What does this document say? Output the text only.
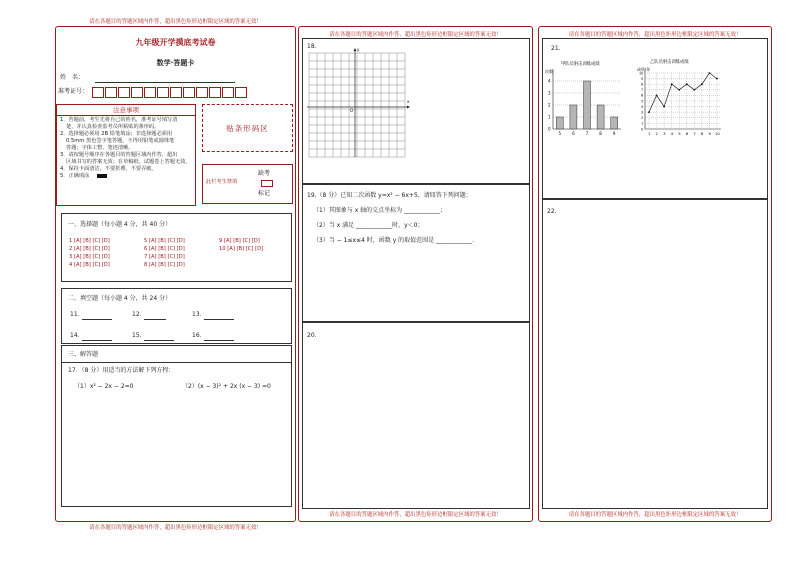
请在各题目的答题区域内作答，超出黑色矩形边框限定区域的答案无效！
请在各题目的答题区域内作答，超出黑色矩形边框限定区域的答案无效！
九年级开学摸底考试卷
数学·答题卡
姓　名：
准考证号：
注意事项
1．答题前，考生先将自己的姓名，准考证号填写清
楚，并认真检查监考员所粘贴的条形码。
2．选择题必须用 2B 铅笔填涂；非选择题必须用
0.5mm 黑色签字笔答题，不得用铅笔或圆珠笔
答题；字体工整、笔迹清晰。
3．请按题号顺序在各题目的答题区域内作答，超出
区域书写的答案无效；在草稿纸、试题卷上答题无效。
4．保持卡面清洁，不要折叠、不要弄破。
5．正确填涂
贴条形码区
此栏考生禁填
缺考
标记
一、选择题（每小题 4 分，共 40 分）
1 [A] [B] [C] [D]	5 [A] [B] [C] [D]	9 [A] [B] [C] [D]
2 [A] [B] [C] [D]	6 [A] [B] [C] [D]	10 [A] [B] [C] [D]
3 [A] [B] [C] [D]	7 [A] [B] [C] [D]
4 [A] [B] [C] [D]	8 [A] [B] [C] [D]
二、填空题（每小题 4 分，共 24 分）
11．	12．	13．
14．	15．	16．
三、解答题
17．（8 分）用适当的方法解下列方程：
（1）x² − 2x − 2=0	（2）(x − 3)² + 2x (x − 3) =0
请在各题目的答题区域内作答，超出黑色矩形边框限定区域的答案无效！
请在各题目的答题区域内作答，超出黑色矩形边框限定区域的答案无效！
18.
x
y
O
19.（8 分）已知二次函数 y=x² − 6x+5，请回答下列问题：
（1）其图象与 x 轴的交点坐标为 ____________；
（2）当 x 满足 ____________时，y＜0；
（3）当 − 1≤x≤4 时，函数 y 的取值范围是 ____________.
20.
请在各题目的答题区域内作答，超出黑色矩形边框限定区域的答案无效！
请在各题目的答题区域内作答，超出黑色矩形边框限定区域的答案无效！
21.
甲队员射击训练成绩
次数
0
1
2
3
4
5	6	7	8	9
乙队员射击训练成绩
成绩/环
0
1
2
3
4
5
6
7
8
9
10
1 2 3 4 5 6 7 8 9 10
22.
